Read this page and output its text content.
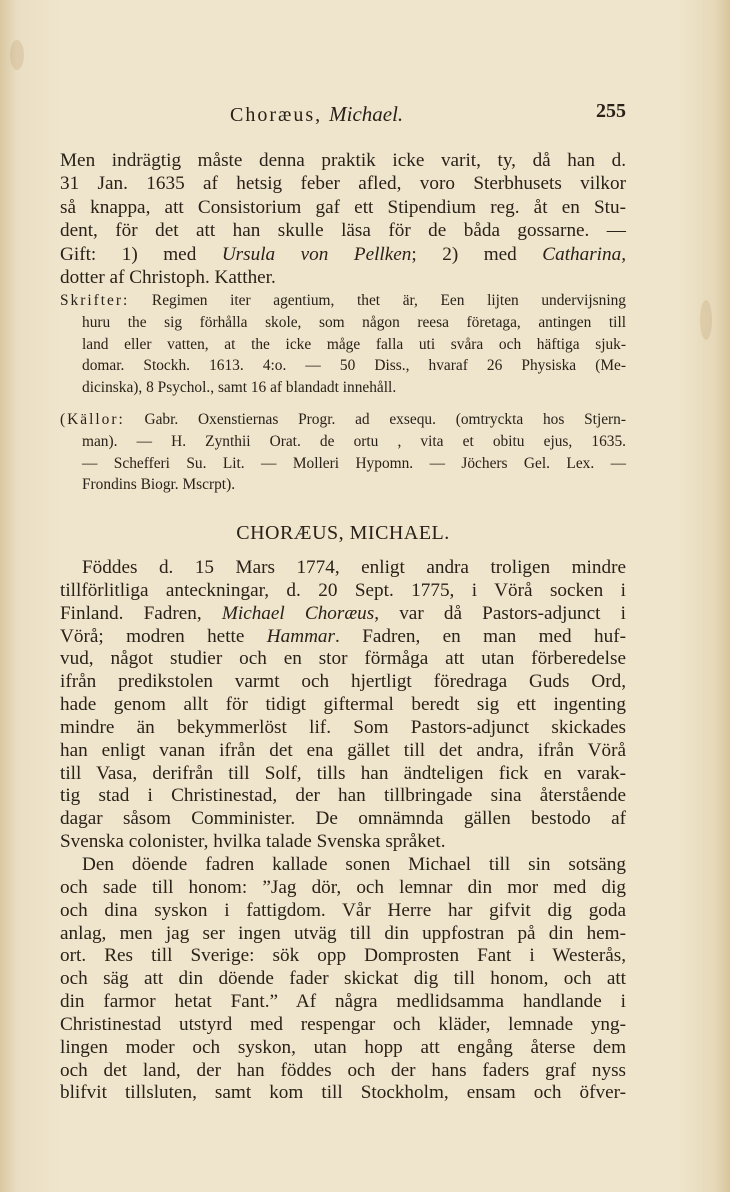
Choræus, Michael.	255
Men indrägtig måste denna praktik icke varit, ty, då han d.
31 Jan. 1635 af hetsig feber afled, voro Sterbhusets vilkor
så knappa, att Consistorium gaf ett Stipendium reg. åt en Stu-
dent, för det att han skulle läsa för de båda gossarne. —
Gift: 1) med Ursula von Pellken; 2) med Catharina,
dotter af Christoph. Katther.
Skrifter: Regimen iter agentium, thet är, Een lijten undervijsning
huru the sig förhålla skole, som någon reesa företaga, antingen till
land eller vatten, at the icke måge falla uti svåra och häftiga sjuk-
domar. Stockh. 1613. 4:o. — 50 Diss., hvaraf 26 Physiska (Me-
dicinska), 8 Psychol., samt 16 af blandadt innehåll.
(Källor: Gabr. Oxenstiernas Progr. ad exsequ. (omtryckta hos Stjern-
man). — H. Zynthii Orat. de ortu , vita et obitu ejus, 1635.
— Schefferi Su. Lit. — Molleri Hypomn. — Jöchers Gel. Lex. —
Frondins Biogr. Mscrpt).
CHORÆUS, MICHAEL.
Föddes d. 15 Mars 1774, enligt andra troligen mindre
tillförlitliga anteckningar, d. 20 Sept. 1775, i Vörå socken i
Finland. Fadren, Michael Choræus, var då Pastors-adjunct i
Vörå; modren hette Hammar. Fadren, en man med huf-
vud, något studier och en stor förmåga att utan förberedelse
ifrån predikstolen varmt och hjertligt föredraga Guds Ord,
hade genom allt för tidigt giftermal beredt sig ett ingenting
mindre än bekymmerlöst lif. Som Pastors-adjunct skickades
han enligt vanan ifrån det ena gället till det andra, ifrån Vörå
till Vasa, derifrån till Solf, tills han ändteligen fick en varak-
tig stad i Christinestad, der han tillbringade sina återstående
dagar såsom Comminister. De omnämnda gällen bestodo af
Svenska colonister, hvilka talade Svenska språket.
Den döende fadren kallade sonen Michael till sin sotsäng
och sade till honom: ”Jag dör, och lemnar din mor med dig
och dina syskon i fattigdom. Vår Herre har gifvit dig goda
anlag, men jag ser ingen utväg till din uppfostran på din hem-
ort. Res till Sverige: sök opp Domprosten Fant i Westerås,
och säg att din döende fader skickat dig till honom, och att
din farmor hetat Fant.” Af några medlidsamma handlande i
Christinestad utstyrd med respengar och kläder, lemnade yng-
lingen moder och syskon, utan hopp att engång återse dem
och det land, der han föddes och der hans faders graf nyss
blifvit tillsluten, samt kom till Stockholm, ensam och öfver-
